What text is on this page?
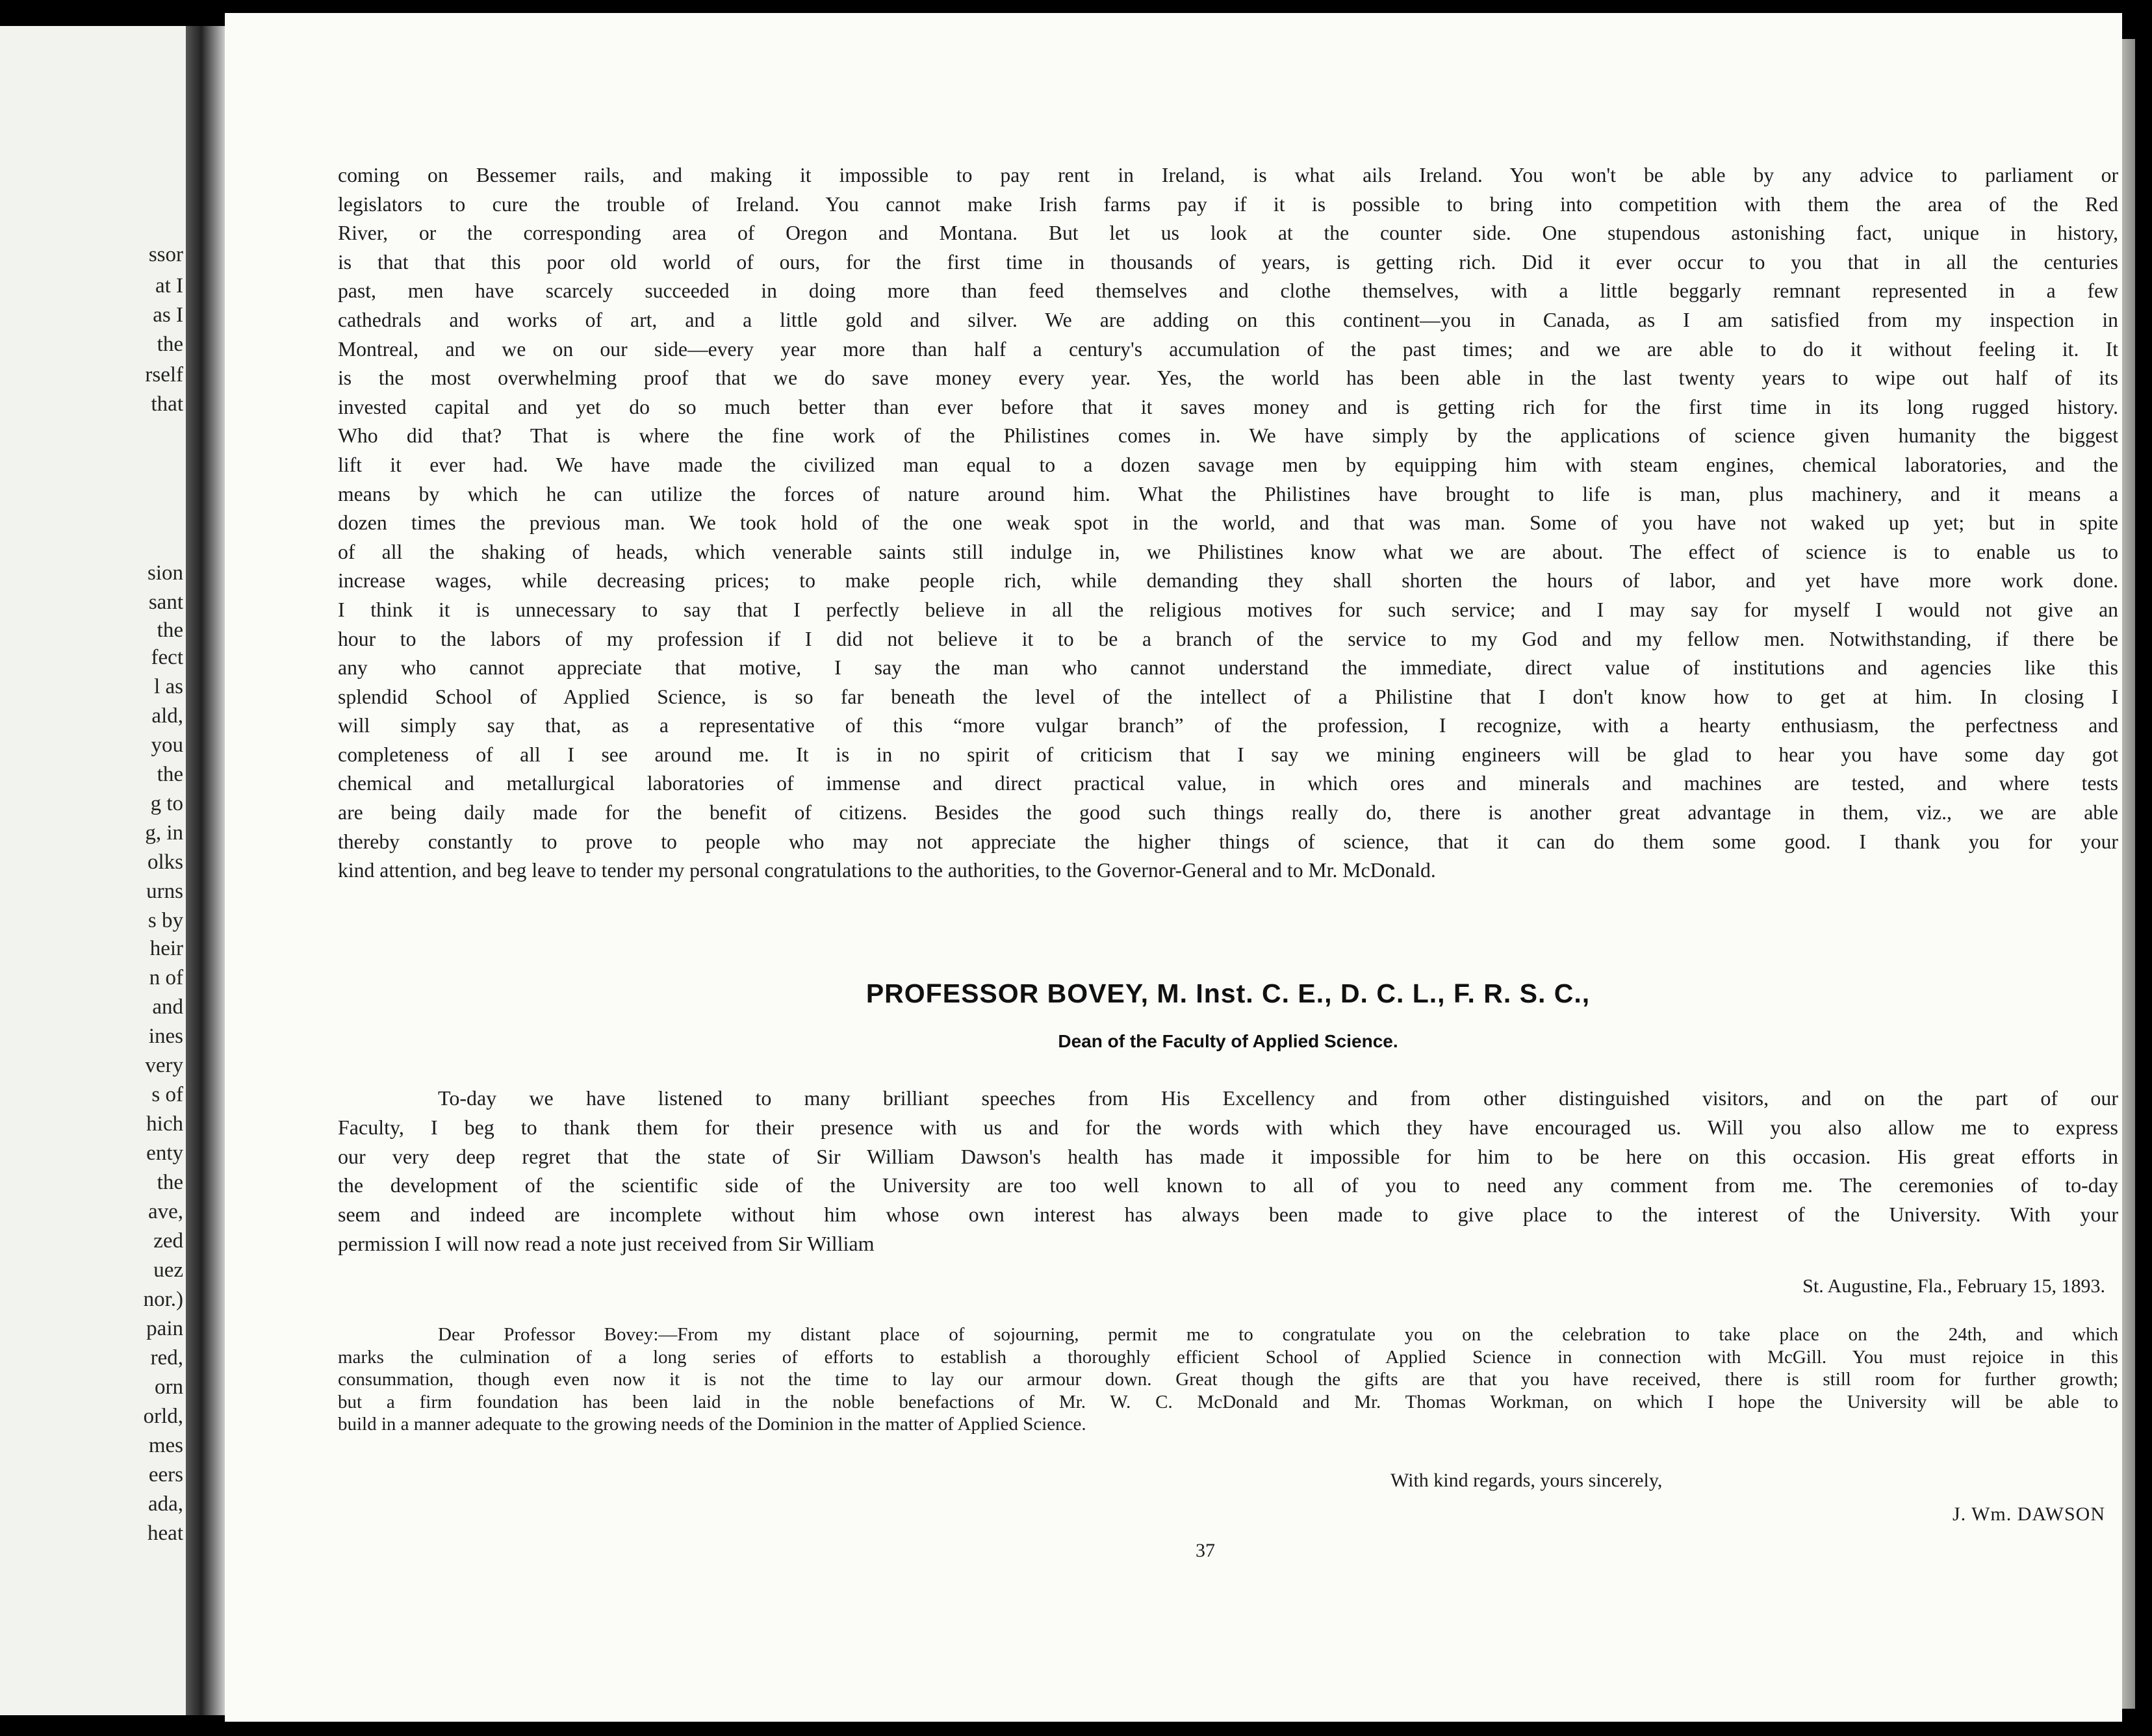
ssor
at I
as I
the
rself
that
sion
sant
the
fect
l as
ald,
you
the
g to
g, in
olks
urns
s by
heir
n of
and
ines
very
s of
hich
enty
the
ave,
zed
uez
nor.)
pain
red,
orn
orld,
mes
eers
ada,
heat

coming on Bessemer rails, and making it impossible to pay rent in Ireland, is what ails Ireland. You won't be able by any advice to parliament or
legislators to cure the trouble of Ireland. You cannot make Irish farms pay if it is possible to bring into competition with them the area of the Red
River, or the corresponding area of Oregon and Montana. But let us look at the counter side. One stupendous astonishing fact, unique in history,
is that that this poor old world of ours, for the first time in thousands of years, is getting rich. Did it ever occur to you that in all the centuries
past, men have scarcely succeeded in doing more than feed themselves and clothe themselves, with a little beggarly remnant represented in a few
cathedrals and works of art, and a little gold and silver. We are adding on this continent—you in Canada, as I am satisfied from my inspection in
Montreal, and we on our side—every year more than half a century's accumulation of the past times; and we are able to do it without feeling it. It
is the most overwhelming proof that we do save money every year. Yes, the world has been able in the last twenty years to wipe out half of its
invested capital and yet do so much better than ever before that it saves money and is getting rich for the first time in its long rugged history.
Who did that? That is where the fine work of the Philistines comes in. We have simply by the applications of science given humanity the biggest
lift it ever had. We have made the civilized man equal to a dozen savage men by equipping him with steam engines, chemical laboratories, and the
means by which he can utilize the forces of nature around him. What the Philistines have brought to life is man, plus machinery, and it means a
dozen times the previous man. We took hold of the one weak spot in the world, and that was man. Some of you have not waked up yet; but in spite
of all the shaking of heads, which venerable saints still indulge in, we Philistines know what we are about. The effect of science is to enable us to
increase wages, while decreasing prices; to make people rich, while demanding they shall shorten the hours of labor, and yet have more work done.
I think it is unnecessary to say that I perfectly believe in all the religious motives for such service; and I may say for myself I would not give an
hour to the labors of my profession if I did not believe it to be a branch of the service to my God and my fellow men. Notwithstanding, if there be
any who cannot appreciate that motive, I say the man who cannot understand the immediate, direct value of institutions and agencies like this
splendid School of Applied Science, is so far beneath the level of the intellect of a Philistine that I don't know how to get at him. In closing I
will simply say that, as a representative of this “more vulgar branch” of the profession, I recognize, with a hearty enthusiasm, the perfectness and
completeness of all I see around me. It is in no spirit of criticism that I say we mining engineers will be glad to hear you have some day got
chemical and metallurgical laboratories of immense and direct practical value, in which ores and minerals and machines are tested, and where tests
are being daily made for the benefit of citizens. Besides the good such things really do, there is another great advantage in them, viz., we are able
thereby constantly to prove to people who may not appreciate the higher things of science, that it can do them some good. I thank you for your
kind attention, and beg leave to tender my personal congratulations to the authorities, to the Governor-General and to Mr. McDonald.

PROFESSOR BOVEY, M. Inst. C. E., D. C. L., F. R. S. C.,
Dean of the Faculty of Applied Science.

To-day we have listened to many brilliant speeches from His Excellency and from other distinguished visitors, and on the part of our
Faculty, I beg to thank them for their presence with us and for the words with which they have encouraged us. Will you also allow me to express
our very deep regret that the state of Sir William Dawson's health has made it impossible for him to be here on this occasion. His great efforts in
the development of the scientific side of the University are too well known to all of you to need any comment from me. The ceremonies of to-day
seem and indeed are incomplete without him whose own interest has always been made to give place to the interest of the University. With your
permission I will now read a note just received from Sir William

St. Augustine, Fla., February 15, 1893.

Dear Professor Bovey:—From my distant place of sojourning, permit me to congratulate you on the celebration to take place on the 24th, and which
marks the culmination of a long series of efforts to establish a thoroughly efficient School of Applied Science in connection with McGill. You must rejoice in this
consummation, though even now it is not the time to lay our armour down. Great though the gifts are that you have received, there is still room for further growth;
but a firm foundation has been laid in the noble benefactions of Mr. W. C. McDonald and Mr. Thomas Workman, on which I hope the University will be able to
build in a manner adequate to the growing needs of the Dominion in the matter of Applied Science.

With kind regards, yours sincerely,
J. Wm. DAWSON
37
